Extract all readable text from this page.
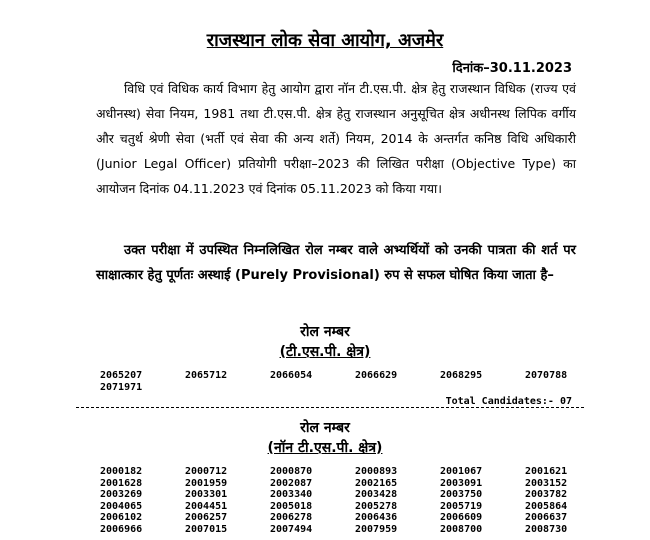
राजस्थान लोक सेवा आयोग, अजमेर
दिनांक–30.11.2023
विधि एवं विधिक कार्य विभाग हेतु आयोग द्वारा नॉन टी.एस.पी. क्षेत्र हेतु राजस्थान विधिक (राज्य एवं अधीनस्थ) सेवा नियम, 1981 तथा टी.एस.पी. क्षेत्र हेतु राजस्थान अनुसूचित क्षेत्र अधीनस्थ लिपिक वर्गीय और चतुर्थ श्रेणी सेवा (भर्ती एवं सेवा की अन्य शर्ते) नियम, 2014 के अन्तर्गत कनिष्ठ विधि अधिकारी (Junior Legal Officer) प्रतियोगी परीक्षा–2023 की लिखित परीक्षा (Objective Type) का आयोजन दिनांक 04.11.2023 एवं दिनांक 05.11.2023 को किया गया।
उक्त परीक्षा में उपस्थित निम्नलिखित रोल नम्बर वाले अभ्यर्थियों को उनकी पात्रता की शर्त पर साक्षात्कार हेतु पूर्णतः अस्थाई (Purely Provisional) रुप से सफल घोषित किया जाता है–
रोल नम्बर
(टी.एस.पी. क्षेत्र)
2065207	2065712	2066054	2066629	2068295	2070788
2071971
Total Candidates:- 07
रोल नम्बर
(नॉन टी.एस.पी. क्षेत्र)
2000182	2000712	2000870	2000893	2001067	2001621
2001628	2001959	2002087	2002165	2003091	2003152
2003269	2003301	2003340	2003428	2003750	2003782
2004065	2004451	2005018	2005278	2005719	2005864
2006102	2006257	2006278	2006436	2006609	2006637
2006966	2007015	2007494	2007959	2008700	2008730
